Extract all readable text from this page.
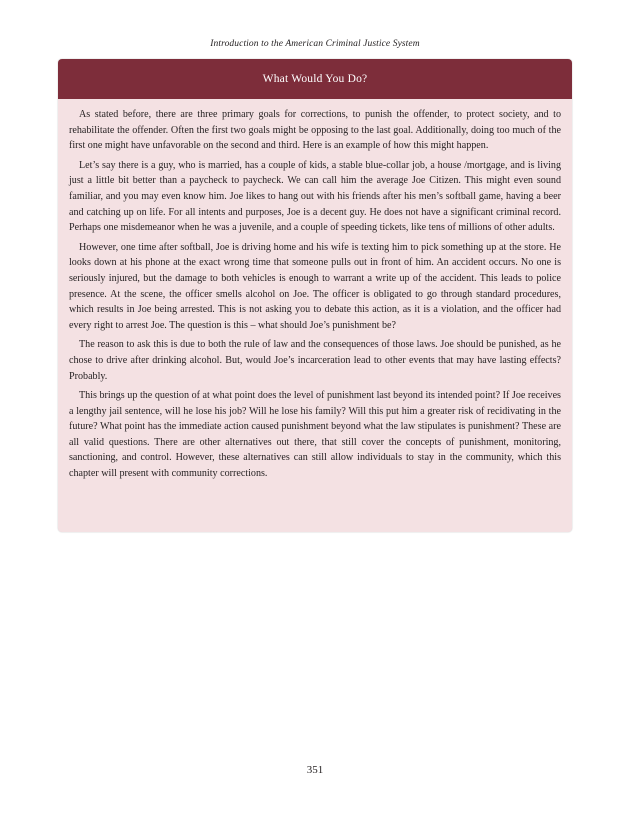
Introduction to the American Criminal Justice System
What Would You Do?

As stated before, there are three primary goals for corrections, to punish the offender, to protect society, and to rehabilitate the offender. Often the first two goals might be opposing to the last goal. Additionally, doing too much of the first one might have unfavorable on the second and third. Here is an example of how this might happen.

Let’s say there is a guy, who is married, has a couple of kids, a stable blue-collar job, a house /mortgage, and is living just a little bit better than a paycheck to paycheck. We can call him the average Joe Citizen. This might even sound familiar, and you may even know him. Joe likes to hang out with his friends after his men’s softball game, having a beer and catching up on life. For all intents and purposes, Joe is a decent guy. He does not have a significant criminal record. Perhaps one misdemeanor when he was a juvenile, and a couple of speeding tickets, like tens of millions of other adults.

However, one time after softball, Joe is driving home and his wife is texting him to pick something up at the store. He looks down at his phone at the exact wrong time that someone pulls out in front of him. An accident occurs. No one is seriously injured, but the damage to both vehicles is enough to warrant a write up of the accident. This leads to police presence. At the scene, the officer smells alcohol on Joe. The officer is obligated to go through standard procedures, which results in Joe being arrested. This is not asking you to debate this action, as it is a violation, and the officer had every right to arrest Joe. The question is this – what should Joe’s punishment be?

The reason to ask this is due to both the rule of law and the consequences of those laws. Joe should be punished, as he chose to drive after drinking alcohol. But, would Joe’s incarceration lead to other events that may have lasting effects? Probably.

This brings up the question of at what point does the level of punishment last beyond its intended point? If Joe receives a lengthy jail sentence, will he lose his job? Will he lose his family? Will this put him a greater risk of recidivating in the future? What point has the immediate action caused punishment beyond what the law stipulates is punishment? These are all valid questions. There are other alternatives out there, that still cover the concepts of punishment, monitoring, sanctioning, and control. However, these alternatives can still allow individuals to stay in the community, which this chapter will present with community corrections.

351
